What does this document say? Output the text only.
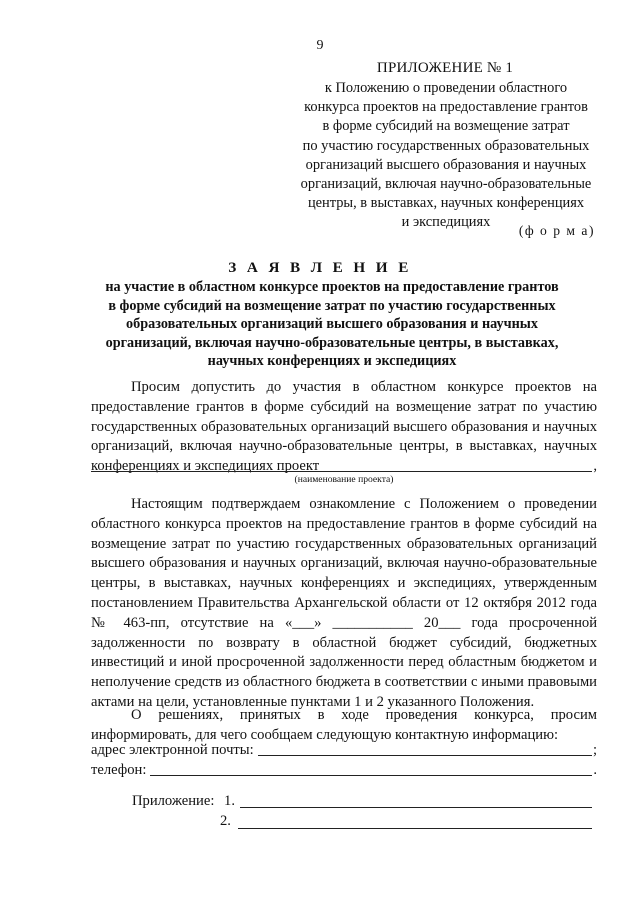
9
ПРИЛОЖЕНИЕ № 1
к Положению о проведении областного
конкурса проектов на предоставление грантов
в форме субсидий на возмещение затрат
по участию государственных образовательных
организаций высшего образования и научных
организаций, включая научно-образовательные
центры, в выставках, научных конференциях
и экспедициях
(ф о р м а)
З А Я В Л Е Н И Е
на участие в областном конкурсе проектов на предоставление грантов
в форме субсидий на возмещение затрат по участию государственных
образовательных организаций высшего образования и научных
организаций, включая научно-образовательные центры, в выставках,
научных конференциях и экспедициях
Просим допустить до участия в областном конкурсе проектов на предоставление грантов в форме субсидий на возмещение затрат по участию государственных образовательных организаций высшего образования и научных организаций, включая научно-образовательные центры, в выставках, научных конференциях и экспедициях проект	,
(наименование проекта)
Настоящим подтверждаем ознакомление с Положением о проведении областного конкурса проектов на предоставление грантов в форме субсидий на возмещение затрат по участию государственных образовательных организаций высшего образования и научных организаций, включая научно-образовательные центры, в выставках, научных конференциях и экспедициях, утвержденным постановлением Правительства Архангельской области от 12 октября 2012 года № 463-пп, отсутствие на «___» ___________ 20___ года просроченной задолженности по возврату в областной бюджет субсидий, бюджетных инвестиций и иной просроченной задолженности перед областным бюджетом и неполучение средств из областного бюджета в соответствии с иными правовыми актами на цели, установленные пунктами 1 и 2 указанного Положения.
О решениях, принятых в ходе проведения конкурса, просим информировать, для чего сообщаем следующую контактную информацию:
адрес электронной почты:	;
телефон:	.
Приложение: 1.
2.
